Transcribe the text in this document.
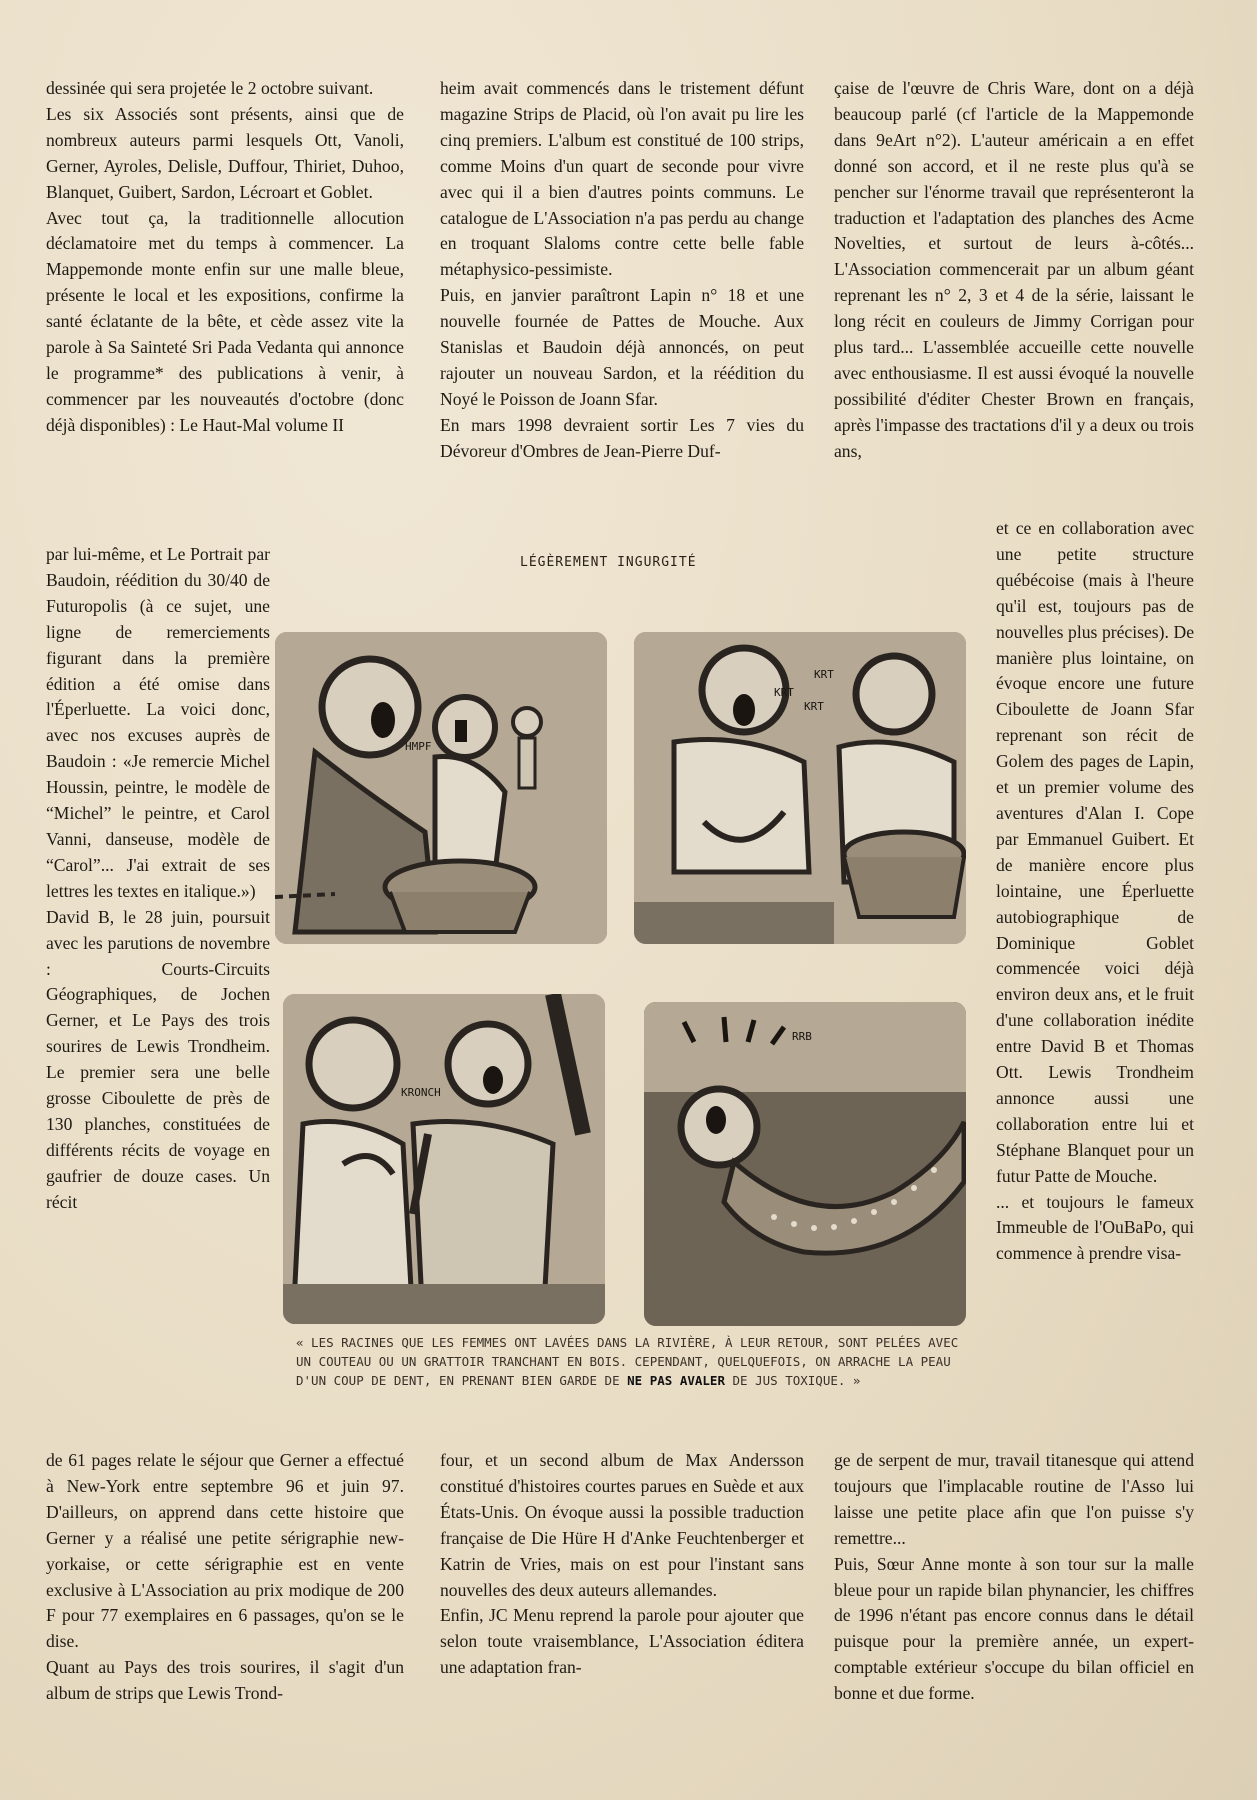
dessinée qui sera projetée le 2 octobre suivant.

Les six Associés sont présents, ainsi que de nombreux auteurs parmi lesquels Ott, Vanoli, Gerner, Ayroles, Delisle, Duffour, Thiriet, Duhoo, Blanquet, Guibert, Sardon, Lécroart et Goblet.

Avec tout ça, la traditionnelle allocution déclamatoire met du temps à commencer. La Mappemonde monte enfin sur une malle bleue, présente le local et les expositions, confirme la santé éclatante de la bête, et cède assez vite la parole à Sa Sainteté Sri Pada Vedanta qui annonce le programme* des publications à venir, à commencer par les nouveautés d'octobre (donc déjà disponibles) : Le Haut-Mal volume II

par lui-même, et Le Portrait par Baudoin, réédition du 30/40 de Futuropolis (à ce sujet, une ligne de remerciements figurant dans la première édition a été omise dans l'Éperluette. La voici donc, avec nos excuses auprès de Baudoin : «Je remercie Michel Houssin, peintre, le modèle de “Michel” le peintre, et Carol Vanni, danseuse, modèle de “Carol”... J'ai extrait de ses lettres les textes en italique.»)

David B, le 28 juin, poursuit avec les parutions de novembre : Courts-Circuits Géographiques, de Jochen Gerner, et Le Pays des trois sourires de Lewis Trondheim. Le premier sera une belle grosse Ciboulette de près de 130 planches, constituées de différents récits de voyage en gaufrier de douze cases. Un récit

de 61 pages relate le séjour que Gerner a effectué à New-York entre septembre 96 et juin 97. D'ailleurs, on apprend dans cette histoire que Gerner y a réalisé une petite sérigraphie new-yorkaise, or cette sérigraphie est en vente exclusive à L'Association au prix modique de 200 F pour 77 exemplaires en 6 passages, qu'on se le dise.

Quant au Pays des trois sourires, il s'agit d'un album de strips que Lewis Trond-

heim avait commencés dans le tristement défunt magazine Strips de Placid, où l'on avait pu lire les cinq premiers. L'album est constitué de 100 strips, comme Moins d'un quart de seconde pour vivre avec qui il a bien d'autres points communs. Le catalogue de L'Association n'a pas perdu au change en troquant Slaloms contre cette belle fable métaphysico-pessimiste.

Puis, en janvier paraîtront Lapin n° 18 et une nouvelle fournée de Pattes de Mouche. Aux Stanislas et Baudoin déjà annoncés, on peut rajouter un nouveau Sardon, et la réédition du Noyé le Poisson de Joann Sfar.

En mars 1998 devraient sortir Les 7 vies du Dévoreur d'Ombres de Jean-Pierre Duf-

four, et un second album de Max Andersson constitué d'histoires courtes parues en Suède et aux États-Unis. On évoque aussi la possible traduction française de Die Hüre H d'Anke Feuchtenberger et Katrin de Vries, mais on est pour l'instant sans nouvelles des deux auteurs allemandes.

Enfin, JC Menu reprend la parole pour ajouter que selon toute vraisemblance, L'Association éditera une adaptation fran-

çaise de l'œuvre de Chris Ware, dont on a déjà beaucoup parlé (cf l'article de la Mappemonde dans 9eArt n°2). L'auteur américain a en effet donné son accord, et il ne reste plus qu'à se pencher sur l'énorme travail que représenteront la traduction et l'adaptation des planches des Acme Novelties, et surtout de leurs à-côtés... L'Association commencerait par un album géant reprenant les n° 2, 3 et 4 de la série, laissant le long récit en couleurs de Jimmy Corrigan pour plus tard... L'assemblée accueille cette nouvelle avec enthousiasme. Il est aussi évoqué la nouvelle possibilité d'éditer Chester Brown en français, après l'impasse des tractations d'il y a deux ou trois ans,

et ce en collaboration avec une petite structure québécoise (mais à l'heure qu'il est, toujours pas de nouvelles plus précises). De manière plus lointaine, on évoque encore une future Ciboulette de Joann Sfar reprenant son récit de Golem des pages de Lapin, et un premier volume des aventures d'Alan I. Cope par Emmanuel Guibert. Et de manière encore plus lointaine, une Éperluette autobiographique de Dominique Goblet commencée voici déjà environ deux ans, et le fruit d'une collaboration inédite entre David B et Thomas Ott. Lewis Trondheim annonce aussi une collaboration entre lui et Stéphane Blanquet pour un futur Patte de Mouche.

... et toujours le fameux Immeuble de l'OuBaPo, qui commence à prendre visa-

ge de serpent de mur, travail titanesque qui attend toujours que l'implacable routine de l'Asso lui laisse une petite place afin que l'on puisse s'y remettre...

Puis, Sœur Anne monte à son tour sur la malle bleue pour un rapide bilan phynancier, les chiffres de 1996 n'étant pas encore connus dans le détail puisque pour la première année, un expert-comptable extérieur s'occupe du bilan officiel en bonne et due forme.

LÉGÈREMENT INGURGITÉ
HMPF
KRT
KRT
KRT
KRONCH
RRB
« LES RACINES QUE LES FEMMES ONT LAVÉES DANS LA RIVIÈRE, À LEUR RETOUR, SONT PELÉES AVEC UN COUTEAU OU UN GRATTOIR TRANCHANT EN BOIS. CEPENDANT, QUELQUEFOIS, ON ARRACHE LA PEAU D'UN COUP DE DENT, EN PRENANT BIEN GARDE DE NE PAS AVALER DE JUS TOXIQUE. »
